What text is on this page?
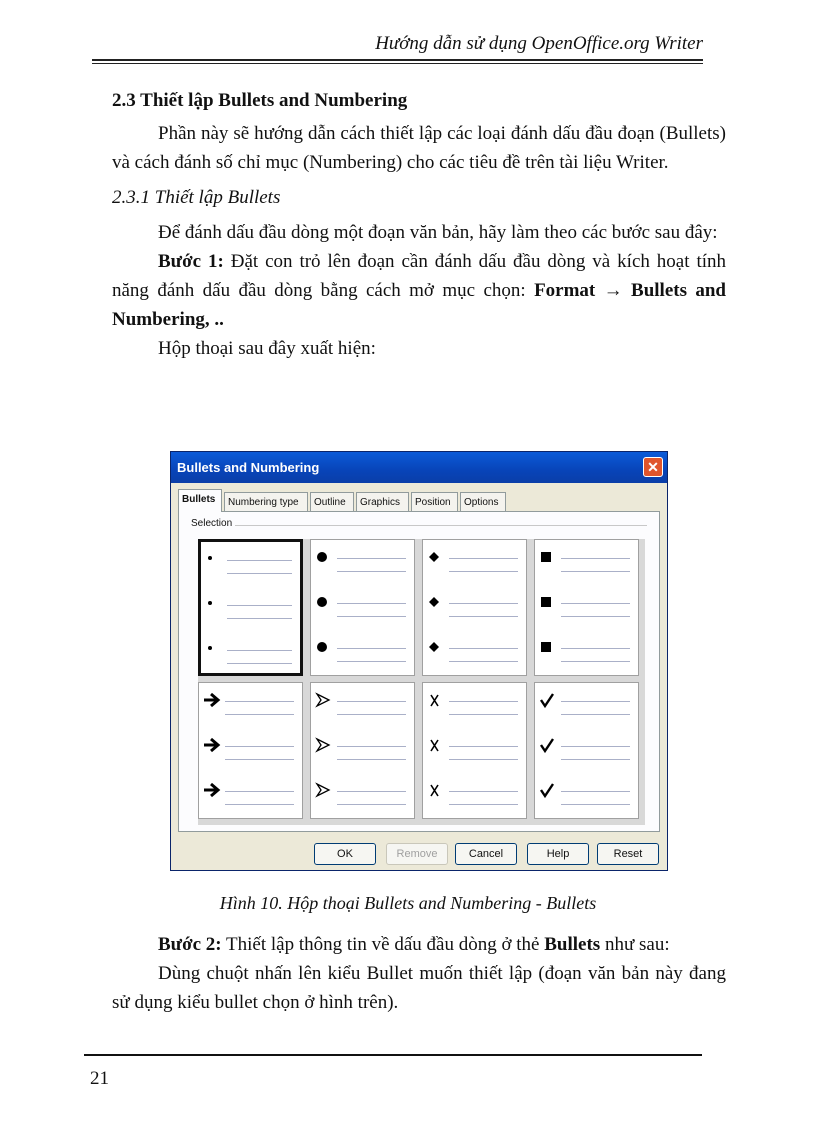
Hướng dẫn sử dụng OpenOffice.org Writer
2.3 Thiết lập Bullets and Numbering

Phần này sẽ hướng dẫn cách thiết lập các loại đánh dấu đầu đoạn (Bullets) và cách đánh số chỉ mục (Numbering) cho các tiêu đề trên tài liệu Writer.

2.3.1 Thiết lập Bullets

Để đánh dấu đầu dòng một đoạn văn bản, hãy làm theo các bước sau đây:

Bước 1: Đặt con trỏ lên đoạn cần đánh dấu đầu dòng và kích hoạt tính năng đánh dấu đầu dòng bằng cách mở mục chọn: Format → Bullets and Numbering, ..

Hộp thoại sau đây xuất hiện:

Bullets and Numbering	✕
Bullets	Numbering type	Outline	Graphics	Position	Options
Selection
OK	Remove	Cancel	Help	Reset
Hình 10. Hộp thoại Bullets and Numbering - Bullets

Bước 2: Thiết lập thông tin về dấu đầu dòng ở thẻ Bullets như sau:

Dùng chuột nhấn lên kiểu Bullet muốn thiết lập (đoạn văn bản này đang sử dụng kiểu bullet chọn ở hình trên).

21
